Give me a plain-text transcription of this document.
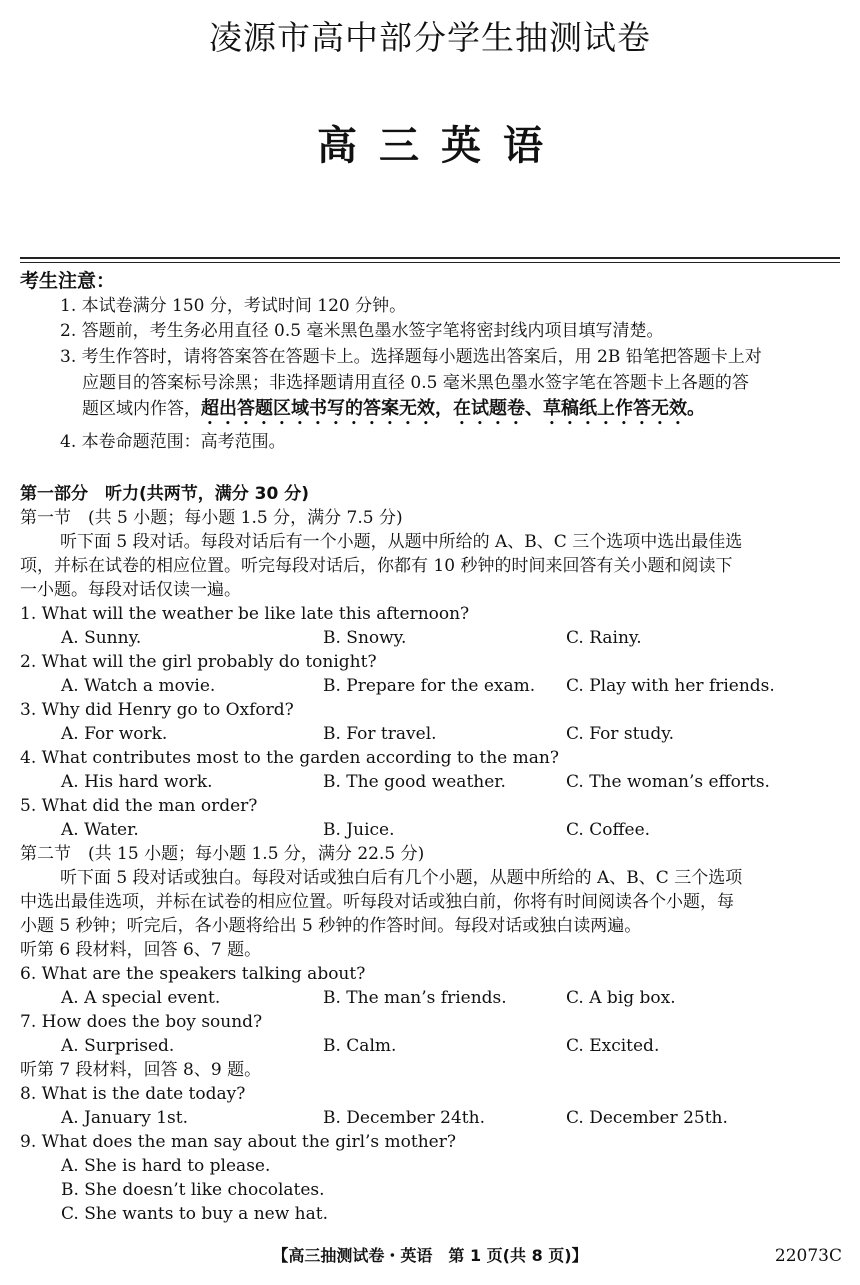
凌源市高中部分学生抽测试卷
高三英语
考生注意：
1. 本试卷满分 150 分，考试时间 120 分钟。
2. 答题前，考生务必用直径 0.5 毫米黑色墨水签字笔将密封线内项目填写清楚。
3. 考生作答时，请将答案答在答题卡上。选择题每小题选出答案后，用 2B 铅笔把答题卡上对
应题目的答案标号涂黑；非选择题请用直径 0.5 毫米黑色墨水签字笔在答题卡上各题的答
题区域内作答，超出答题区域书写的答案无效，在试题卷、草稿纸上作答无效。
4. 本卷命题范围：高考范围。
第一部分　听力(共两节，满分 30 分)
第一节　(共 5 小题；每小题 1.5 分，满分 7.5 分)
听下面 5 段对话。每段对话后有一个小题，从题中所给的 A、B、C 三个选项中选出最佳选
项，并标在试卷的相应位置。听完每段对话后，你都有 10 秒钟的时间来回答有关小题和阅读下
一小题。每段对话仅读一遍。
1. What will the weather be like late this afternoon?
A. Sunny.	B. Snowy.	C. Rainy.
2. What will the girl probably do tonight?
A. Watch a movie.	B. Prepare for the exam. C. Play with her friends.
3. Why did Henry go to Oxford?
A. For work.	B. For travel.	C. For study.
4. What contributes most to the garden according to the man?
A. His hard work.	B. The good weather.	C. The woman’s efforts.
5. What did the man order?
A. Water.	B. Juice.	C. Coffee.
第二节　(共 15 小题；每小题 1.5 分，满分 22.5 分)
听下面 5 段对话或独白。每段对话或独白后有几个小题，从题中所给的 A、B、C 三个选项
中选出最佳选项，并标在试卷的相应位置。听每段对话或独白前，你将有时间阅读各个小题，每
小题 5 秒钟；听完后，各小题将给出 5 秒钟的作答时间。每段对话或独白读两遍。
听第 6 段材料，回答 6、7 题。
6. What are the speakers talking about?
A. A special event.	B. The man’s friends.	C. A big box.
7. How does the boy sound?
A. Surprised.	B. Calm.	C. Excited.
听第 7 段材料，回答 8、9 题。
8. What is the date today?
A. January 1st.	B. December 24th.	C. December 25th.
9. What does the man say about the girl’s mother?
A. She is hard to please.
B. She doesn’t like chocolates.
C. She wants to buy a new hat.
【高三抽测试卷・英语　第 1 页(共 8 页)】	22073C
